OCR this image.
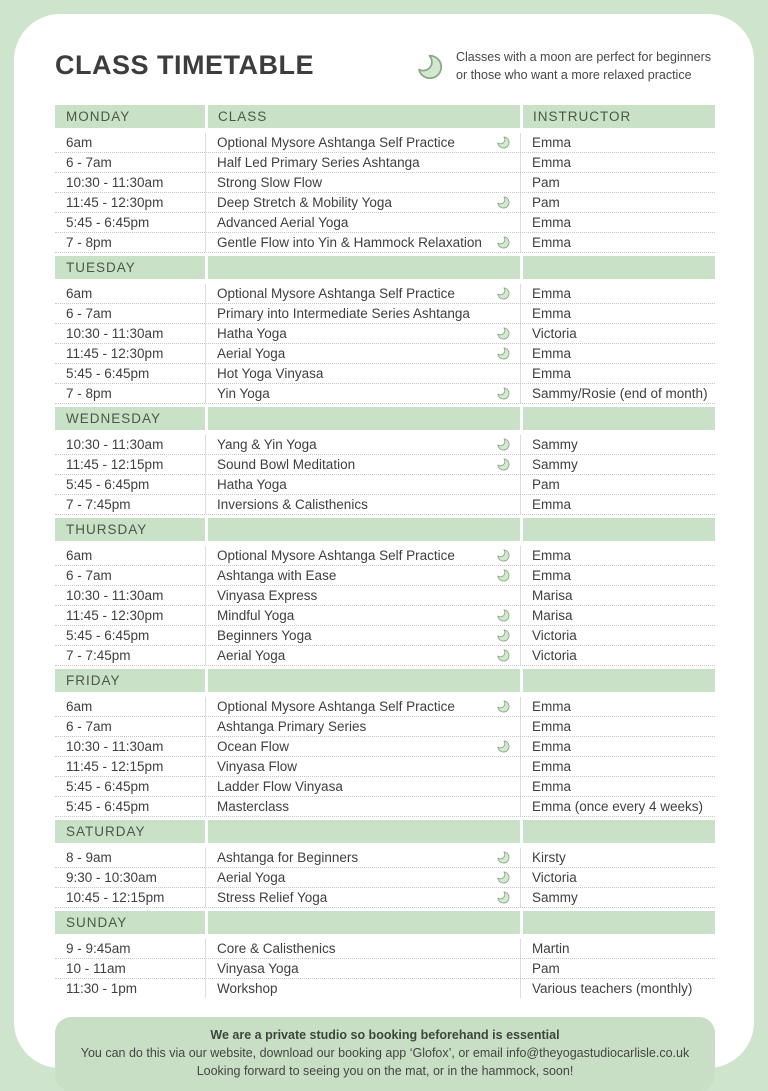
CLASS TIMETABLE	Classes with a moon are perfect for beginners
or those who want a more relaxed practice
MONDAY	CLASS	INSTRUCTOR
6am	Optional Mysore Ashtanga Self Practice	Emma
6 - 7am	Half Led Primary Series Ashtanga	Emma
10:30 - 11:30am	Strong Slow Flow	Pam
11:45 - 12:30pm	Deep Stretch & Mobility Yoga	Pam
5:45 - 6:45pm	Advanced Aerial Yoga	Emma
7 - 8pm	Gentle Flow into Yin & Hammock Relaxation	Emma
TUESDAY
6am	Optional Mysore Ashtanga Self Practice	Emma
6 - 7am	Primary into Intermediate Series Ashtanga	Emma
10:30 - 11:30am	Hatha Yoga	Victoria
11:45 - 12:30pm	Aerial Yoga	Emma
5:45 - 6:45pm	Hot Yoga Vinyasa	Emma
7 - 8pm	Yin Yoga	Sammy/Rosie (end of month)
WEDNESDAY
10:30 - 11:30am	Yang & Yin Yoga	Sammy
11:45 - 12:15pm	Sound Bowl Meditation	Sammy
5:45 - 6:45pm	Hatha Yoga	Pam
7 - 7:45pm	Inversions & Calisthenics	Emma
THURSDAY
6am	Optional Mysore Ashtanga Self Practice	Emma
6 - 7am	Ashtanga with Ease	Emma
10:30 - 11:30am	Vinyasa Express	Marisa
11:45 - 12:30pm	Mindful Yoga	Marisa
5:45 - 6:45pm	Beginners Yoga	Victoria
7 - 7:45pm	Aerial Yoga	Victoria
FRIDAY
6am	Optional Mysore Ashtanga Self Practice	Emma
6 - 7am	Ashtanga Primary Series	Emma
10:30 - 11:30am	Ocean Flow	Emma
11:45 - 12:15pm	Vinyasa Flow	Emma
5:45 - 6:45pm	Ladder Flow Vinyasa	Emma
5:45 - 6:45pm	Masterclass	Emma (once every 4 weeks)
SATURDAY
8 - 9am	Ashtanga for Beginners	Kirsty
9:30 - 10:30am	Aerial Yoga	Victoria
10:45 - 12:15pm	Stress Relief Yoga	Sammy
SUNDAY
9 - 9:45am	Core & Calisthenics	Martin
10 - 11am	Vinyasa Yoga	Pam
11:30 - 1pm	Workshop	Various teachers (monthly)
We are a private studio so booking beforehand is essential
You can do this via our website, download our booking app ‘Glofox’, or email info@theyogastudiocarlisle.co.uk
Looking forward to seeing you on the mat, or in the hammock, soon!
